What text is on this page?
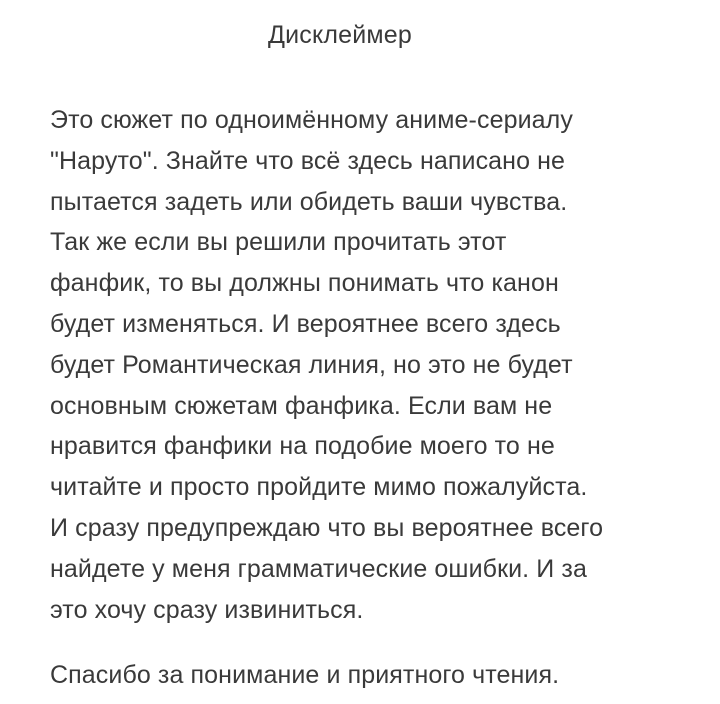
Дисклеймер
Это сюжет по одноимённому аниме-сериалу
"Наруто". Знайте что всё здесь написано не
пытается задеть или обидеть ваши чувства.
Так же если вы решили прочитать этот
фанфик, то вы должны понимать что канон
будет изменяться. И вероятнее всего здесь
будет Романтическая линия, но это не будет
основным сюжетам фанфика. Если вам не
нравится фанфики на подобие моего то не
читайте и просто пройдите мимо пожалуйста.
И сразу предупреждаю что вы вероятнее всего
найдете у меня грамматические ошибки. И за
это хочу сразу извиниться.
Спасибо за понимание и приятного чтения.
